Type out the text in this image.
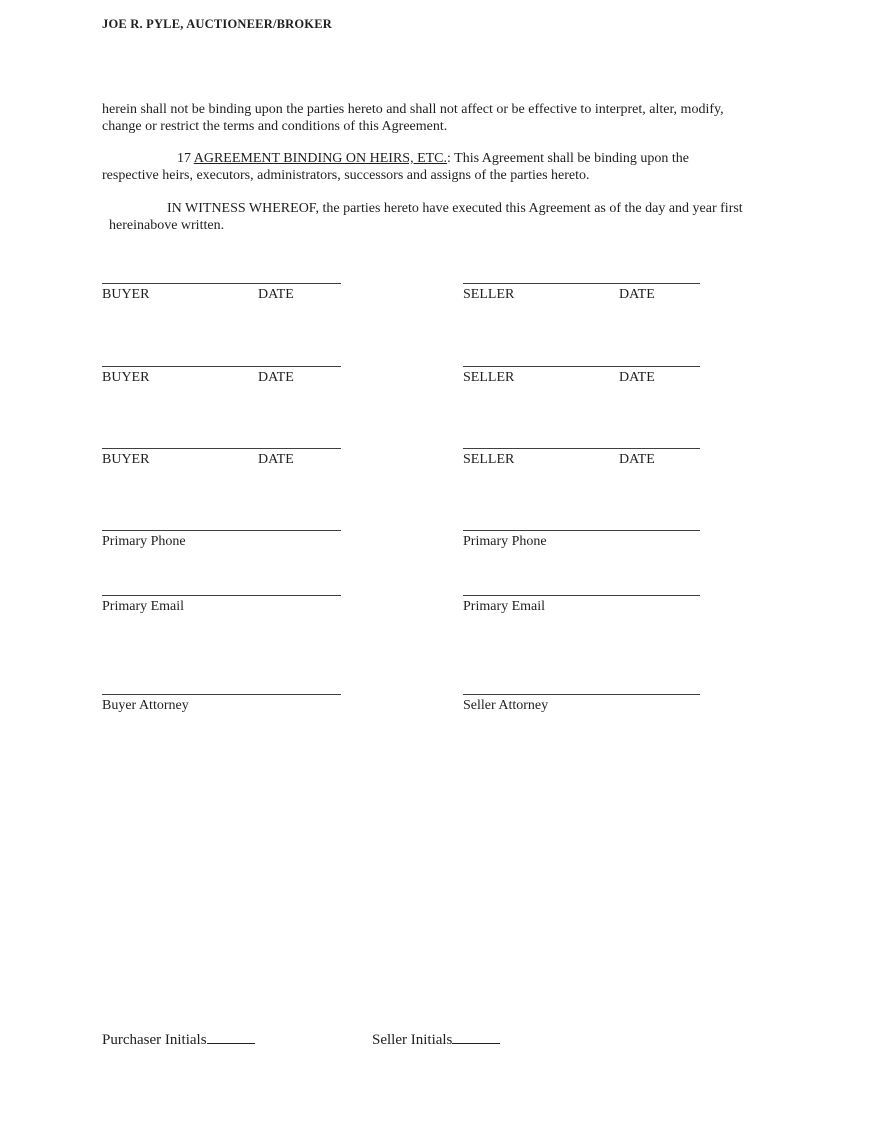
JOE R. PYLE, AUCTIONEER/BROKER
herein shall not be binding upon the parties hereto and shall not affect or be effective to interpret, alter, modify,
change or restrict the terms and conditions of this Agreement.
17 AGREEMENT BINDING ON HEIRS, ETC.: This Agreement shall be binding upon the
respective heirs, executors, administrators, successors and assigns of the parties hereto.
IN WITNESS WHEREOF, the parties hereto have executed this Agreement as of the day and year first
hereinabove written.
BUYER	DATE	SELLER	DATE
BUYER	DATE	SELLER	DATE
BUYER	DATE	SELLER	DATE
Primary Phone	Primary Phone
Primary Email	Primary Email
Buyer Attorney	Seller Attorney
Purchaser Initials	Seller Initials
